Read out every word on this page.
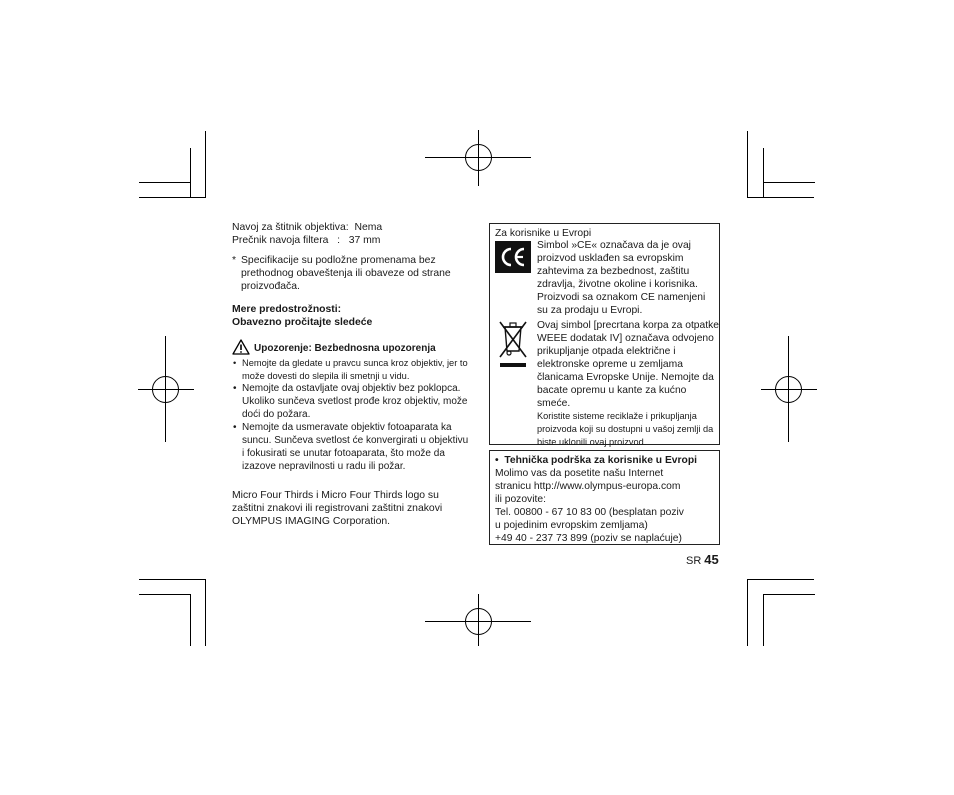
Navoj za štitnik objektiva:
Nema
Prečnik navoja filtera
:
37 mm
* Specifikacije su podložne promenama bez prethodnog obaveštenja ili obaveze od strane proizvođača.
Mere predostrožnosti:
Obavezno pročitajte sledeće
Upozorenje: Bezbednosna upozorenja
• Nemojte da gledate u pravcu sunca kroz objektiv, jer to može dovesti do slepila ili smetnji u vidu.
• Nemojte da ostavljate ovaj objektiv bez poklopca. Ukoliko sunčeva svetlost prođe kroz objektiv, može doći do požara.
• Nemojte da usmeravate objektiv fotoaparata ka suncu. Sunčeva svetlost će konvergirati u objektivu i fokusirati se unutar fotoaparata, što može da izazove nepravilnosti u radu ili požar.
Micro Four Thirds i Micro Four Thirds logo su zaštitni znakovi ili registrovani zaštitni znakovi OLYMPUS IMAGING Corporation.
Za korisnike u Evropi
Simbol »CE« označava da je ovaj proizvod usklađen sa evropskim zahtevima za bezbednost, zaštitu zdravlja, životne okoline i korisnika. Proizvodi sa oznakom CE namenjeni su za prodaju u Evropi.
Ovaj simbol [precrtana korpa za otpatke WEEE dodatak IV] označava odvojeno prikupljanje otpada električne i elektronske opreme u zemljama članicama Evropske Unije. Nemojte da bacate opremu u kante za kućno smeće.
Koristite sisteme reciklaže i prikupljanja proizvoda koji su dostupni u vašoj zemlji da biste uklonili ovaj proizvod.
•  Tehnička podrška za korisnike u Evropi
Molimo vas da posetite našu Internet
stranicu http://www.olympus-europa.com
ili pozovite:
Tel. 00800 - 67 10 83 00 (besplatan poziv
u pojedinim evropskim zemljama)
+49 40 - 237 73 899 (poziv se naplaćuje)
SR 45
